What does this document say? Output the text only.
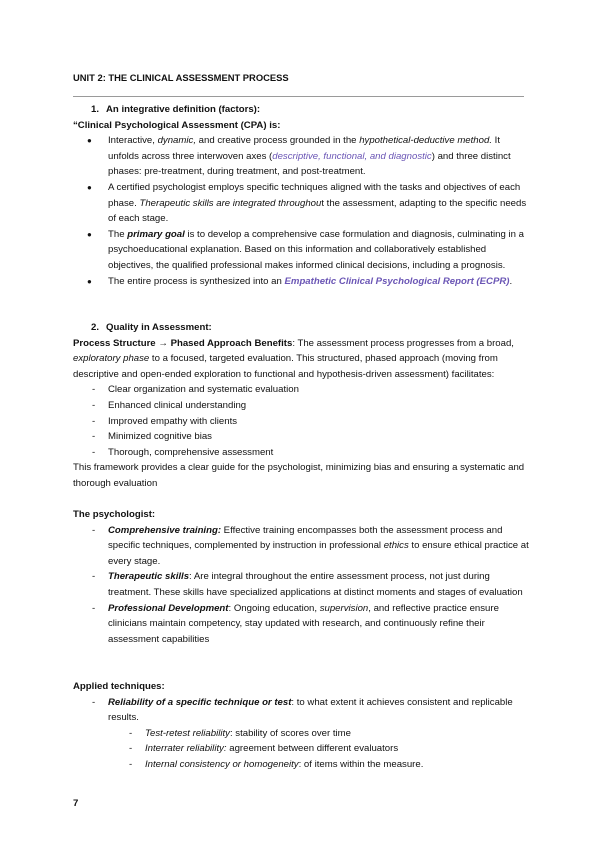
UNIT 2: THE CLINICAL ASSESSMENT PROCESS
1. An integrative definition (factors):
“Clinical Psychological Assessment (CPA) is:
● Interactive, dynamic, and creative process grounded in the hypothetical-deductive method. It unfolds across three interwoven axes (descriptive, functional, and diagnostic) and three distinct phases: pre-treatment, during treatment, and post-treatment.
● A certified psychologist employs specific techniques aligned with the tasks and objectives of each phase. Therapeutic skills are integrated throughout the assessment, adapting to the specific needs of each stage.
● The primary goal is to develop a comprehensive case formulation and diagnosis, culminating in a psychoeducational explanation. Based on this information and collaboratively established objectives, the qualified professional makes informed clinical decisions, including a prognosis.
● The entire process is synthesized into an Empathetic Clinical Psychological Report (ECPR).
2. Quality in Assessment:
Process Structure → Phased Approach Benefits: The assessment process progresses from a broad, exploratory phase to a focused, targeted evaluation. This structured, phased approach (moving from descriptive and open-ended exploration to functional and hypothesis-driven assessment) facilitates:
- Clear organization and systematic evaluation
- Enhanced clinical understanding
- Improved empathy with clients
- Minimized cognitive bias
- Thorough, comprehensive assessment
This framework provides a clear guide for the psychologist, minimizing bias and ensuring a systematic and thorough evaluation
The psychologist:
- Comprehensive training: Effective training encompasses both the assessment process and specific techniques, complemented by instruction in professional ethics to ensure ethical practice at every stage.
- Therapeutic skills: Are integral throughout the entire assessment process, not just during treatment. These skills have specialized applications at distinct moments and stages of evaluation
- Professional Development: Ongoing education, supervision, and reflective practice ensure clinicians maintain competency, stay updated with research, and continuously refine their assessment capabilities
Applied techniques:
- Reliability of a specific technique or test: to what extent it achieves consistent and replicable results.
- Test-retest reliability: stability of scores over time
- Interrater reliability: agreement between different evaluators
- Internal consistency or homogeneity: of items within the measure.
7
